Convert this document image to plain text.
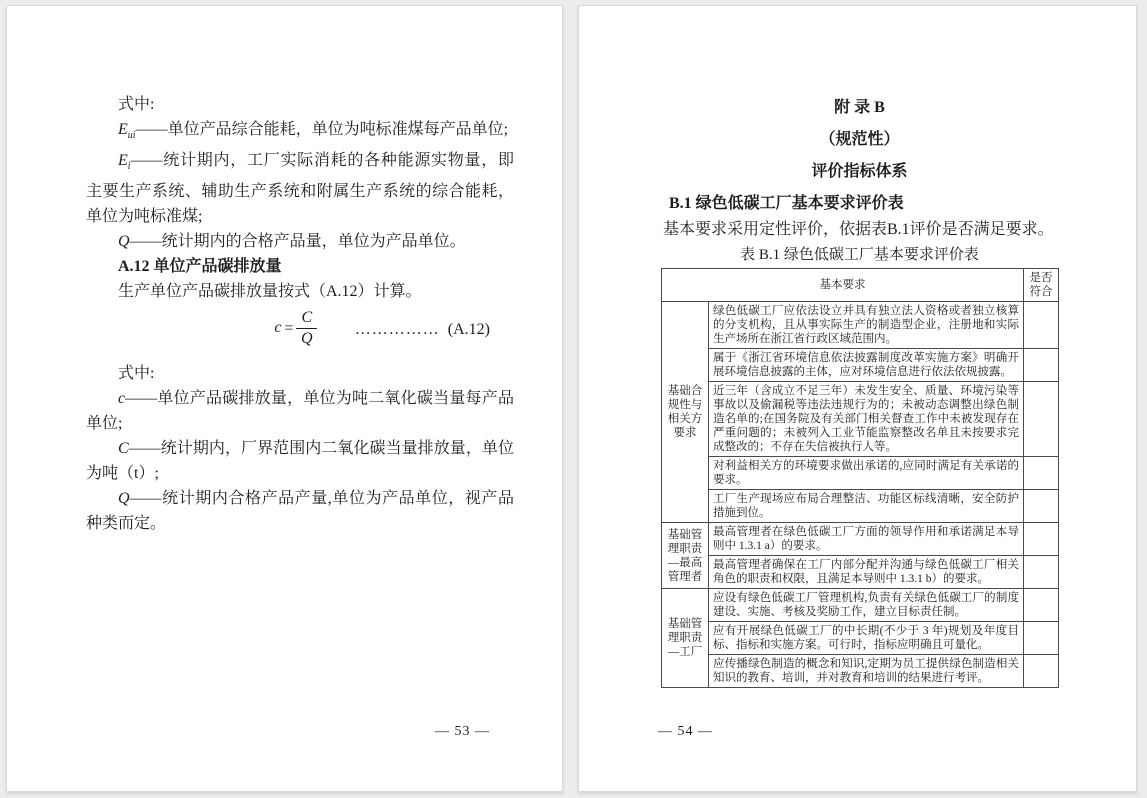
式中:

$E_{ui}——$单位产品综合能耗，单位为吨标准煤每产品单位;

$E_i——$统计期内，工厂实际消耗的各种能源实物量，即主要生产系统、辅助生产系统和附属生产系统的综合能耗，单位为吨标准煤;

Q——统计期内的合格产品量，单位为产品单位。

A.12 单位产品碳排放量

生产单位产品碳排放量按式（A.12）计算。

$c = \frac{C}{Q}$ …………… (A.12)

式中:

c——单位产品碳排放量，单位为吨二氧化碳当量每产品单位;

C——统计期内，厂界范围内二氧化碳当量排放量，单位为吨（t）;

Q——统计期内合格产品产量,单位为产品单位，视产品种类而定。

— 53 —

附 录 B

（规范性）

评价指标体系

B.1 绿色低碳工厂基本要求评价表

基本要求采用定性评价，依据表B.1评价是否满足要求。

表 B.1 绿色低碳工厂基本要求评价表

基本要求		是否符合
基础合规性与相关方要求	绿色低碳工厂应依法设立并具有独立法人资格或者独立核算的分支机构，且从事实际生产的制造型企业，注册地和实际生产场所在浙江省行政区域范围内。	
	属于《浙江省环境信息依法披露制度改革实施方案》明确开展环境信息披露的主体，应对环境信息进行依法依规披露。	
	近三年（含成立不足三年）未发生安全、质量、环境污染等事故以及偷漏税等违法违规行为的；未被动态调整出绿色制造名单的;在国务院及有关部门相关督查工作中未被发现存在严重问题的；未被列入工业节能监察整改名单且未按要求完成整改的；不存在失信被执行人等。	
	对利益相关方的环境要求做出承诺的,应同时满足有关承诺的要求。	
	工厂生产现场应布局合理整洁、功能区标线清晰，安全防护措施到位。	
基础管理职责—最高管理者	最高管理者在绿色低碳工厂方面的领导作用和承诺满足本导则中 1.3.1 a）的要求。	
	最高管理者确保在工厂内部分配并沟通与绿色低碳工厂相关角色的职责和权限，且满足本导则中 1.3.1 b）的要求。	
基础管理职责—工厂	应设有绿色低碳工厂管理机构,负责有关绿色低碳工厂的制度建设、实施、考核及奖励工作，建立目标责任制。	
	应有开展绿色低碳工厂的中长期(不少于 3 年)规划及年度目标、指标和实施方案。可行时，指标应明确且可量化。	
	应传播绿色制造的概念和知识,定期为员工提供绿色制造相关知识的教育、培训，并对教育和培训的结果进行考评。	
— 54 —
